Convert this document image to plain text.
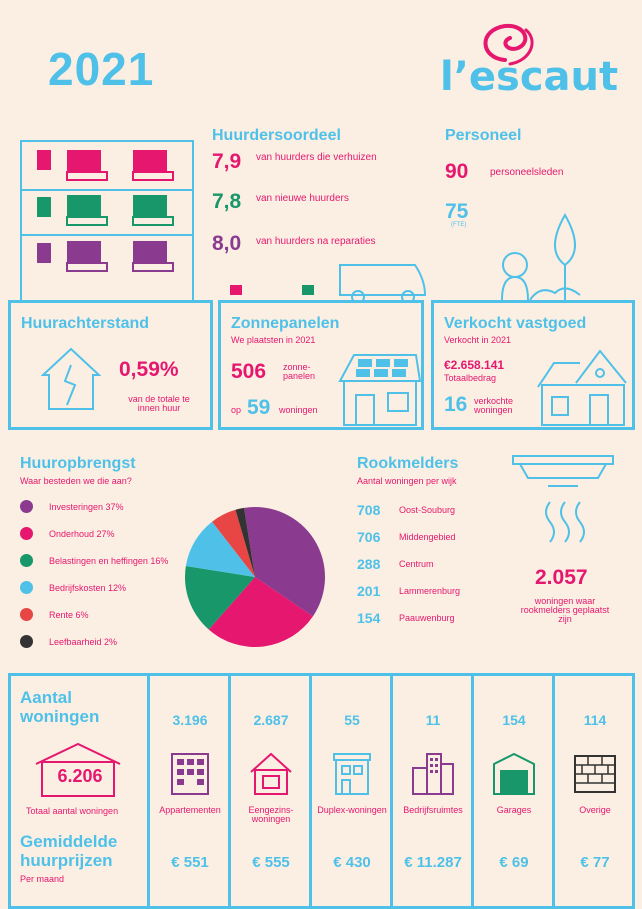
2021	l’escaut
Huurdersoordeel
7,9 van huurders die verhuizen
7,8 van nieuwe huurders
8,0 van huurders na reparaties
Personeel
90 personeelsleden
75
(FTE)
Huurachterstand
0,59%
van de totale te innen huur
Zonnepanelen
We plaatsten in 2021
506 zonne-panelen
op 59 woningen
Verkocht vastgoed
Verkocht in 2021
€2.658.141
Totaalbedrag
16 verkochte woningen
Huuropbrengst
Waar besteden we die aan?
Investeringen 37%
Onderhoud 27%
Belastingen en heffingen 16%
Bedrijfskosten 12%
Rente 6%
Leefbaarheid 2%
Rookmelders
Aantal woningen per wijk
708 Oost-Souburg
706 Middengebied
288 Centrum
201 Lammerenburg
154 Paauwenburg
2.057
woningen waar rookmelders geplaatst zijn
Aantal woningen
6.206
Totaal aantal woningen
Gemiddelde huurprijzen
Per maand
3.196
Appartementen
€ 551
2.687
Eengezins-woningen
€ 555
55
Duplex-woningen
€ 430
11
Bedrijfsruimtes
€ 11.287
154
Garages
€ 69
114
Overige
€ 77
